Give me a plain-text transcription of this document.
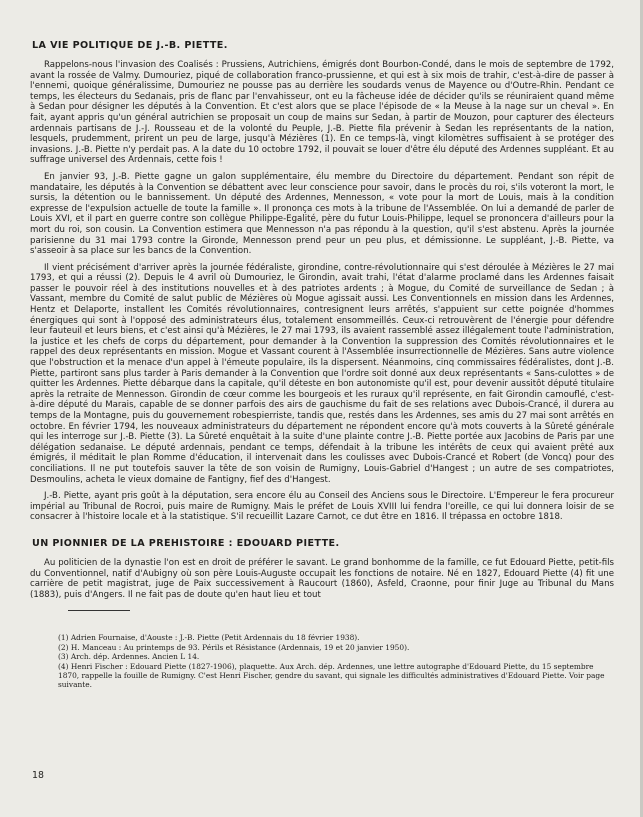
LA VIE POLITIQUE DE J.-B. PIETTE.

Rappelons-nous l'invasion des Coalisés : Prussiens, Autrichiens, émigrés dont Bourbon-Condé, dans le mois de septembre de 1792, avant la rossée de Valmy. Dumouriez, piqué de collaboration franco-prussienne, et qui est à six mois de trahir, c'est-à-dire de passer à l'ennemi, quoique généralissime, Dumouriez ne pousse pas au derrière les soudards venus de Mayence ou d'Outre-Rhin. Pendant ce temps, les électeurs du Sedanais, pris de flanc par l'envahisseur, ont eu la fâcheuse idée de décider qu'ils se réuniraient quand même à Sedan pour désigner les députés à la Convention. Et c'est alors que se place l'épisode de « la Meuse à la nage sur un cheval ». En fait, ayant appris qu'un général autrichien se proposait un coup de mains sur Sedan, à partir de Mouzon, pour capturer des électeurs ardennais partisans de J.-J. Rousseau et de la volonté du Peuple, J.-B. Piette fila prévenir à Sedan les représentants de la nation, lesquels, prudemment, prirent un peu de large, jusqu'à Mézières (1). En ce temps-là, vingt kilomètres suffisaient à se protéger des invasions. J.-B. Piette n'y perdait pas. A la date du 10 octobre 1792, il pouvait se louer d'être élu député des Ardennes suppléant. Et au suffrage universel des Ardennais, cette fois !

En janvier 93, J.-B. Piette gagne un galon supplémentaire, élu membre du Directoire du département. Pendant son répit de mandataire, les députés à la Convention se débattent avec leur conscience pour savoir, dans le procès du roi, s'ils voteront la mort, le sursis, la détention ou le bannissement. Un député des Ardennes, Mennesson, « vote pour la mort de Louis, mais à la condition expresse de l'expulsion actuelle de toute la famille ». Il prononça ces mots à la tribune de l'Assemblée. On lui a demandé de parler de Louis XVI, et il part en guerre contre son collègue Philippe-Egalité, père du futur Louis-Philippe, lequel se prononcera d'ailleurs pour la mort du roi, son cousin. La Convention estimera que Mennesson n'a pas répondu à la question, qu'il s'est abstenu. Après la journée parisienne du 31 mai 1793 contre la Gironde, Mennesson prend peur un peu plus, et démissionne. Le suppléant, J.-B. Piette, va s'asseoir à sa place sur les bancs de la Convention.

Il vient précisément d'arriver après la journée fédéraliste, girondine, contre-révolutionnaire qui s'est déroulée à Mézières le 27 mai 1793, et qui a réussi (2). Depuis le 4 avril où Dumouriez, le Girondin, avait trahi, l'état d'alarme proclamé dans les Ardennes faisait passer le pouvoir réel à des institutions nouvelles et à des patriotes ardents ; à Mogue, du Comité de surveillance de Sedan ; à Vassant, membre du Comité de salut public de Mézières où Mogue agissait aussi. Les Conventionnels en mission dans les Ardennes, Hentz et Delaporte, installent les Comités révolutionnaires, contresignent leurs arrêtés, s'appuient sur cette poignée d'hommes énergiques qui sont à l'opposé des administrateurs élus, totalement ensommeillés. Ceux-ci retrouvèrent de l'énergie pour défendre leur fauteuil et leurs biens, et c'est ainsi qu'à Mézières, le 27 mai 1793, ils avaient rassemblé assez illégalement toute l'administration, la justice et les chefs de corps du département, pour demander à la Convention la suppression des Comités révolutionnaires et le rappel des deux représentants en mission. Mogue et Vassant courent à l'Assemblée insurrectionnelle de Mézières. Sans autre violence que l'obstruction et la menace d'un appel à l'émeute populaire, ils la dispersent. Néanmoins, cinq commissaires fédéralistes, dont J.-B. Piette, partiront sans plus tarder à Paris demander à la Convention que l'ordre soit donné aux deux représentants « Sans-culottes » de quitter les Ardennes. Piette débarque dans la capitale, qu'il déteste en bon autonomiste qu'il est, pour devenir aussitôt député titulaire après la retraite de Mennesson. Girondin de cœur comme les bourgeois et les ruraux qu'il représente, en fait Girondin camouflé, c'est-à-dire député du Marais, capable de se donner parfois des airs de gauchisme du fait de ses relations avec Dubois-Crancé, il durera au temps de la Montagne, puis du gouvernement robespierriste, tandis que, restés dans les Ardennes, ses amis du 27 mai sont arrêtés en octobre. En février 1794, les nouveaux administrateurs du département ne répondent encore qu'à mots couverts à la Sûreté générale qui les interroge sur J.-B. Piette (3). La Sûreté enquêtait à la suite d'une plainte contre J.-B. Piette portée aux Jacobins de Paris par une délégation sedanaise. Le député ardennais, pendant ce temps, défendait à la tribune les intérêts de ceux qui avaient prêté aux émigrés, il méditait le plan Romme d'éducation, il intervenait dans les coulisses avec Dubois-Crancé et Robert (de Voncq) pour des conciliations. Il ne put toutefois sauver la tête de son voisin de Rumigny, Louis-Gabriel d'Hangest ; un autre de ses compatriotes, Desmoulins, acheta le vieux domaine de Fantigny, fief des d'Hangest.

J.-B. Piette, ayant pris goût à la députation, sera encore élu au Conseil des Anciens sous le Directoire. L'Empereur le fera procureur impérial au Tribunal de Rocroi, puis maire de Rumigny. Mais le préfet de Louis XVIII lui fendra l'oreille, ce qui lui donnera loisir de se consacrer à l'histoire locale et à la statistique. S'il recueillit Lazare Carnot, ce dut être en 1816. Il trépassa en octobre 1818.

UN PIONNIER DE LA PREHISTOIRE : EDOUARD PIETTE.

Au politicien de la dynastie l'on est en droit de préférer le savant. Le grand bonhomme de la famille, ce fut Edouard Piette, petit-fils du Conventionnel, natif d'Aubigny où son père Louis-Auguste occupait les fonctions de notaire. Né en 1827, Edouard Piette (4) fit une carrière de petit magistrat, juge de Paix successivement à Raucourt (1860), Asfeld, Craonne, pour finir Juge au Tribunal du Mans (1883), puis d'Angers. Il ne fait pas de doute qu'en haut lieu et tout

(1) Adrien Fournaise, d'Aouste : J.-B. Piette (Petit Ardennais du 18 février 1938).

(2) H. Manceau : Au printemps de 93. Périls et Résistance (Ardennais, 19 et 20 janvier 1950).

(3) Arch. dép. Ardennes. Ancien L 14.

(4) Henri Fischer : Edouard Piette (1827-1906), plaquette. Aux Arch. dép. Ardennes, une lettre autographe d'Edouard Piette, du 15 septembre 1870, rappelle la fouille de Rumigny. C'est Henri Fischer, gendre du savant, qui signale les difficultés administratives d'Edouard Piette. Voir page suivante.

18
